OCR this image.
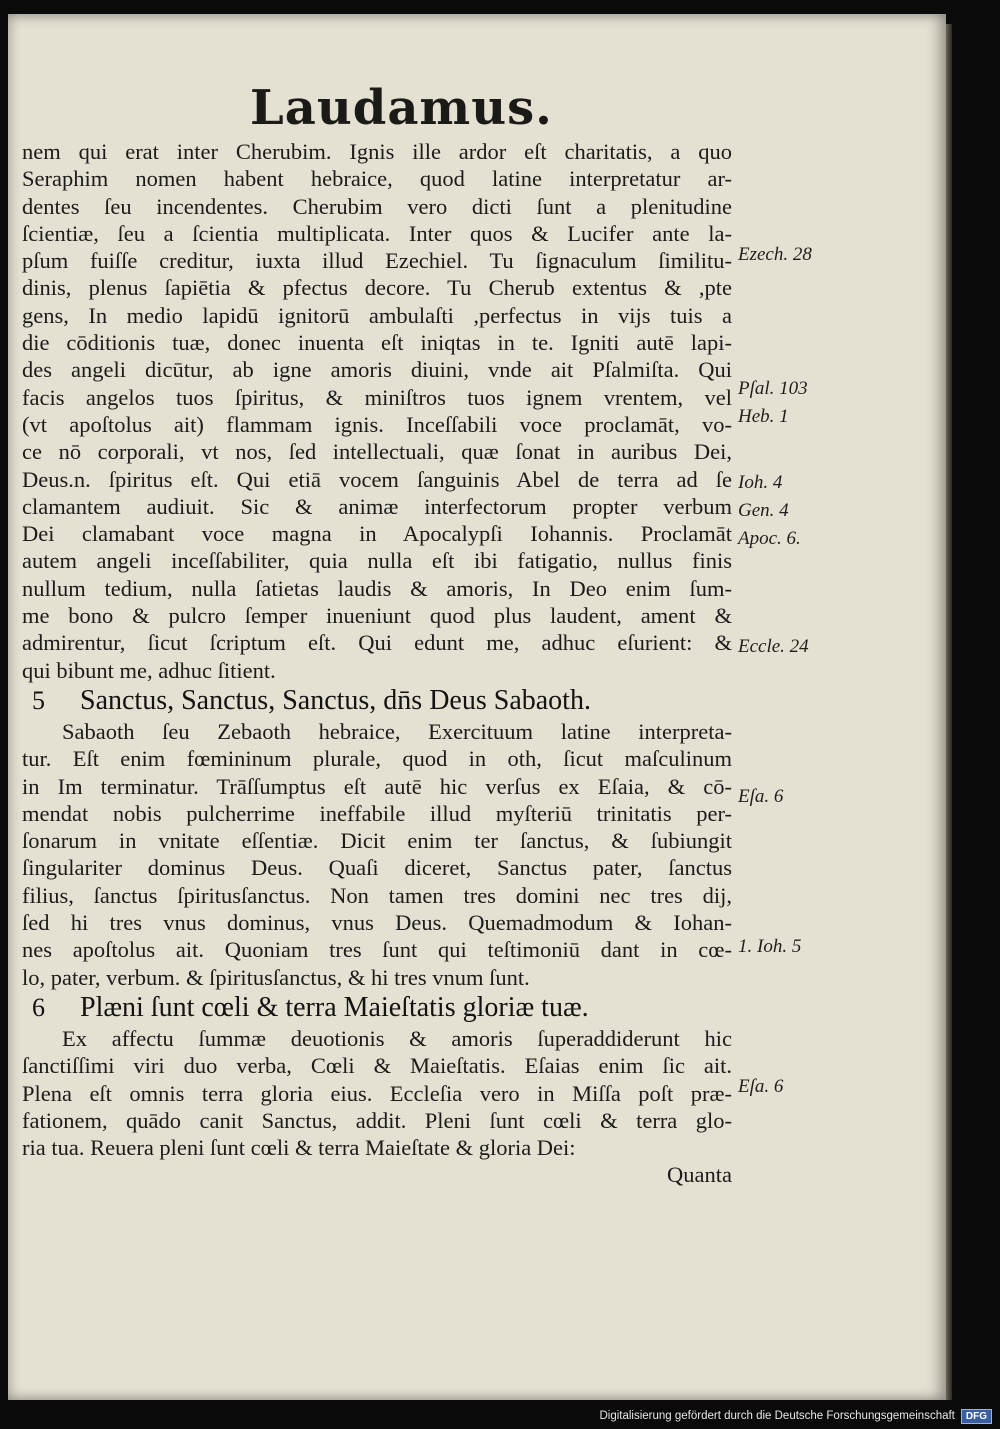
Laudamus.
nem qui erat inter Cherubim. Ignis ille ardor eſt charitatis, a quo
Seraphim nomen habent hebraice, quod latine interpretatur ar-
dentes ſeu incendentes. Cherubim vero dicti ſunt a plenitudine
ſcientiæ, ſeu a ſcientia multiplicata. Inter quos & Lucifer ante la-
pſum fuiſſe creditur, iuxta illud Ezechiel. Tu ſignaculum ſimilitu-
dinis, plenus ſapiētia & pfectus decore. Tu Cherub extentus & ,pte
gens, In medio lapidū ignitorū ambulaſti ,perfectus in vijs tuis a
die cōditionis tuæ, donec inuenta eſt iniqtas in te. Igniti autē lapi-
des angeli dicūtur, ab igne amoris diuini, vnde ait Pſalmiſta. Qui
facis angelos tuos ſpiritus, & miniſtros tuos ignem vrentem, vel
(vt apoſtolus ait) flammam ignis. Inceſſabili voce proclamāt, vo-
ce nō corporali, vt nos, ſed intellectuali, quæ ſonat in auribus Dei,
Deus.n. ſpiritus eſt. Qui etiā vocem ſanguinis Abel de terra ad ſe
clamantem audiuit. Sic & animæ interfectorum propter verbum
Dei clamabant voce magna in Apocalypſi Iohannis. Proclamāt
autem angeli inceſſabiliter, quia nulla eſt ibi fatigatio, nullus finis
nullum tedium, nulla ſatietas laudis & amoris, In Deo enim ſum-
me bono & pulcro ſemper inueniunt quod plus laudent, ament &
admirentur, ſicut ſcriptum eſt. Qui edunt me, adhuc eſurient: &
qui bibunt me, adhuc ſitient.
5	Sanctus, Sanctus, Sanctus, dn̄s Deus Sabaoth.
Sabaoth ſeu Zebaoth hebraice, Exercituum latine interpreta-
tur. Eſt enim fœmininum plurale, quod in oth, ſicut maſculinum
in Im terminatur. Trāſſumptus eſt autē hic verſus ex Eſaia, & cō-
mendat nobis pulcherrime ineffabile illud myſteriū trinitatis per-
ſonarum in vnitate eſſentiæ. Dicit enim ter ſanctus, & ſubiungit
ſingulariter dominus Deus. Quaſi diceret, Sanctus pater, ſanctus
filius, ſanctus ſpiritusſanctus. Non tamen tres domini nec tres dij,
ſed hi tres vnus dominus, vnus Deus. Quemadmodum & Iohan-
nes apoſtolus ait. Quoniam tres ſunt qui teſtimoniū dant in cœ-
lo, pater, verbum. & ſpiritusſanctus, & hi tres vnum ſunt.
6	Plæni ſunt cœli & terra Maieſtatis gloriæ tuæ.
Ex affectu ſummæ deuotionis & amoris ſuperaddiderunt hic
ſanctiſſimi viri duo verba, Cœli & Maieſtatis. Eſaias enim ſic ait.
Plena eſt omnis terra gloria eius. Eccleſia vero in Miſſa poſt præ-
fationem, quādo canit Sanctus, addit. Pleni ſunt cœli & terra glo-
ria tua. Reuera pleni ſunt cœli & terra Maieſtate & gloria Dei:
Quanta
Ezech. 28
Pſal. 103
Heb. 1
Ioh. 4
Gen. 4
Apoc. 6.
Eccle. 24
Eſa. 6
1. Ioh. 5
Eſa. 6
Digitalisierung gefördert durch die Deutsche Forschungsgemeinschaft	DFG
